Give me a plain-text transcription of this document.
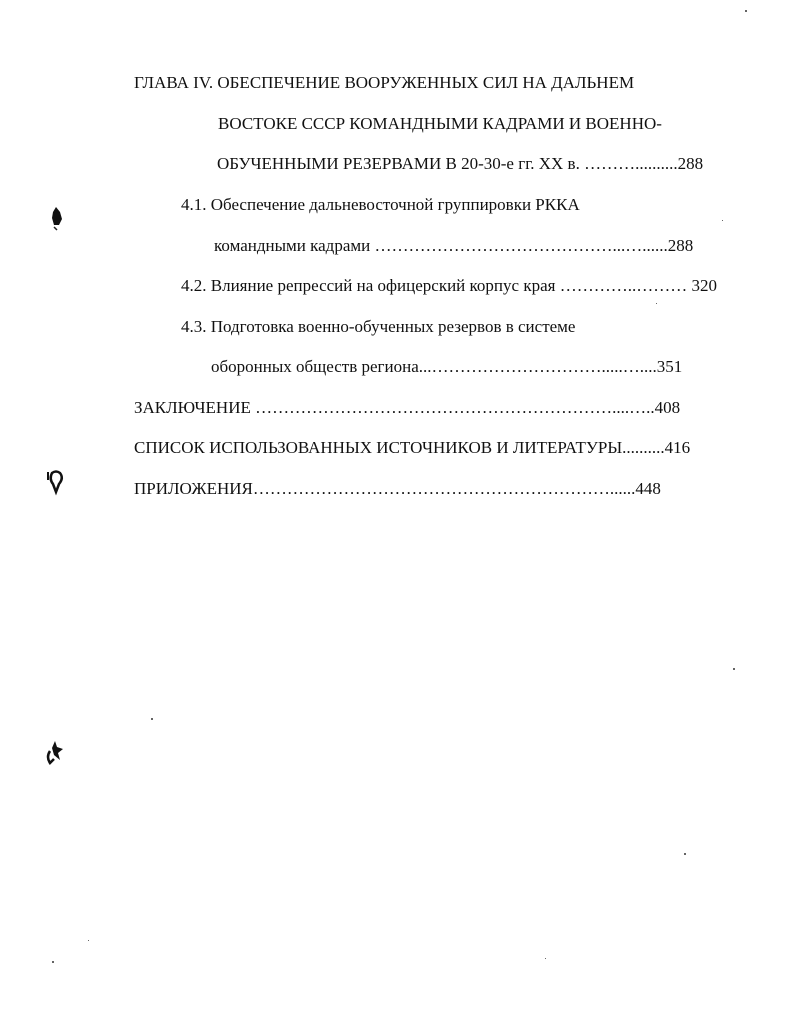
ГЛАВА IV. ОБЕСПЕЧЕНИЕ ВООРУЖЕННЫХ СИЛ НА ДАЛЬНЕМ
ВОСТОКЕ СССР КОМАНДНЫМИ КАДРАМИ И ВОЕННО-
ОБУЧЕННЫМИ РЕЗЕРВАМИ В 20-30-е гг. XX в. ………..........288
4.1. Обеспечение дальневосточной группировки РККА
командными кадрами ……………………………………...…......288
4.2. Влияние репрессий на офицерский корпус края …………..……… 320
4.3. Подготовка военно-обученных резервов в системе
оборонных обществ региона...………………………….....…....351
ЗАКЛЮЧЕНИЕ ………………………………………………………....…..408
СПИСОК ИСПОЛЬЗОВАННЫХ ИСТОЧНИКОВ И ЛИТЕРАТУРЫ..........416
ПРИЛОЖЕНИЯ………………………………………………………......448
